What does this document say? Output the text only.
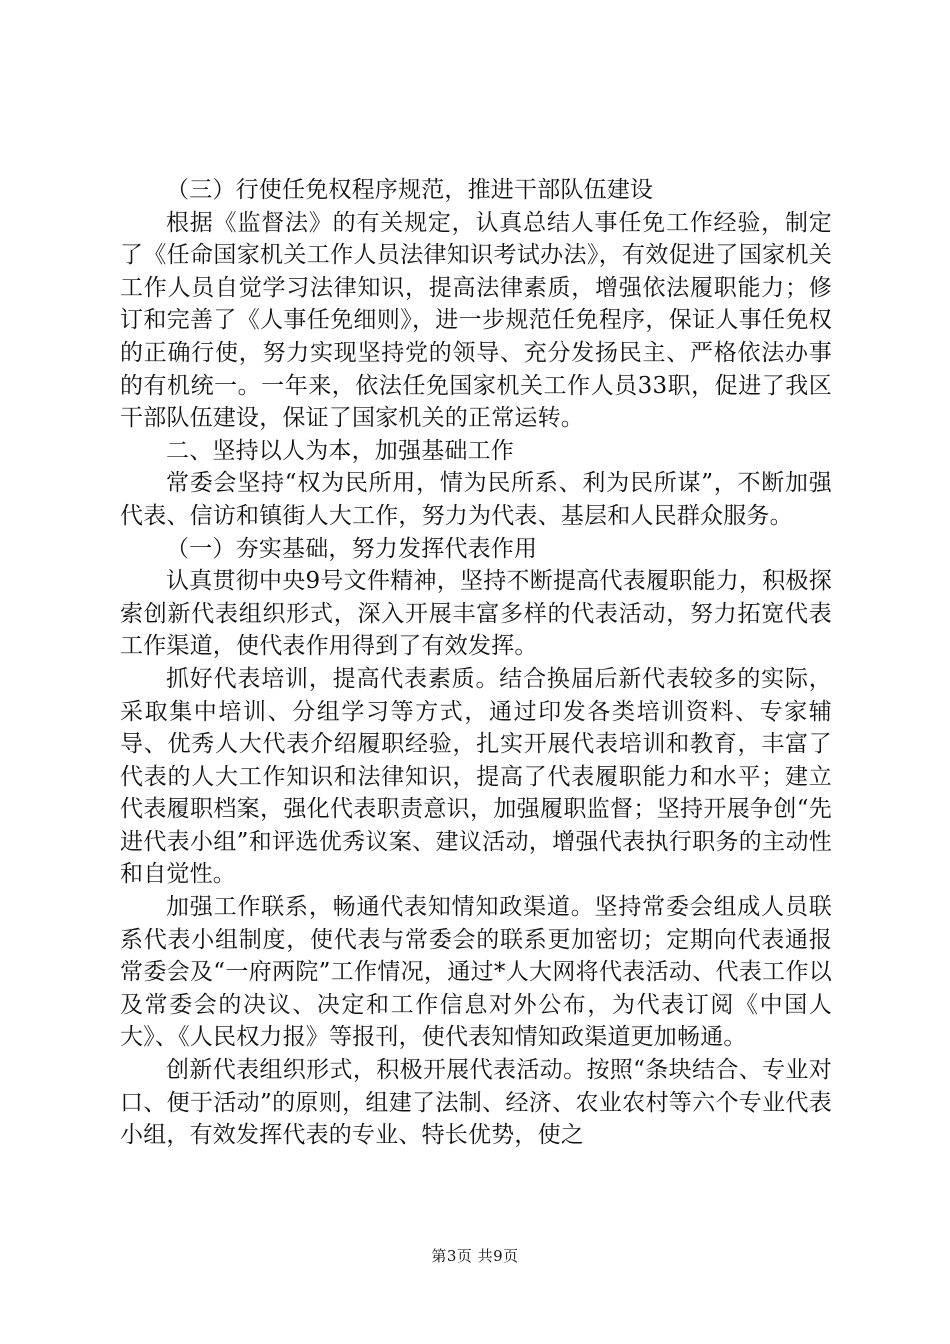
（三）行使任免权程序规范，推进干部队伍建设

根据《监督法》的有关规定，认真总结人事任免工作经验，制定了《任命国家机关工作人员法律知识考试办法》，有效促进了国家机关工作人员自觉学习法律知识，提高法律素质，增强依法履职能力；修订和完善了《人事任免细则》，进一步规范任免程序，保证人事任免权的正确行使，努力实现坚持党的领导、充分发扬民主、严格依法办事的有机统一。一年来，依法任免国家机关工作人员33职，促进了我区干部队伍建设，保证了国家机关的正常运转。

二、坚持以人为本，加强基础工作

常委会坚持“权为民所用，情为民所系、利为民所谋”，不断加强代表、信访和镇街人大工作，努力为代表、基层和人民群众服务。

（一）夯实基础，努力发挥代表作用

认真贯彻中央9号文件精神，坚持不断提高代表履职能力，积极探索创新代表组织形式，深入开展丰富多样的代表活动，努力拓宽代表工作渠道，使代表作用得到了有效发挥。

抓好代表培训，提高代表素质。结合换届后新代表较多的实际，采取集中培训、分组学习等方式，通过印发各类培训资料、专家辅导、优秀人大代表介绍履职经验，扎实开展代表培训和教育，丰富了代表的人大工作知识和法律知识，提高了代表履职能力和水平；建立代表履职档案，强化代表职责意识，加强履职监督；坚持开展争创“先进代表小组”和评选优秀议案、建议活动，增强代表执行职务的主动性和自觉性。

加强工作联系，畅通代表知情知政渠道。坚持常委会组成人员联系代表小组制度，使代表与常委会的联系更加密切；定期向代表通报常委会及“一府两院”工作情况，通过*人大网将代表活动、代表工作以及常委会的决议、决定和工作信息对外公布，为代表订阅《中国人大》、《人民权力报》等报刊，使代表知情知政渠道更加畅通。

创新代表组织形式，积极开展代表活动。按照“条块结合、专业对口、便于活动”的原则，组建了法制、经济、农业农村等六个专业代表小组，有效发挥代表的专业、特长优势，使之

第3页 共9页
